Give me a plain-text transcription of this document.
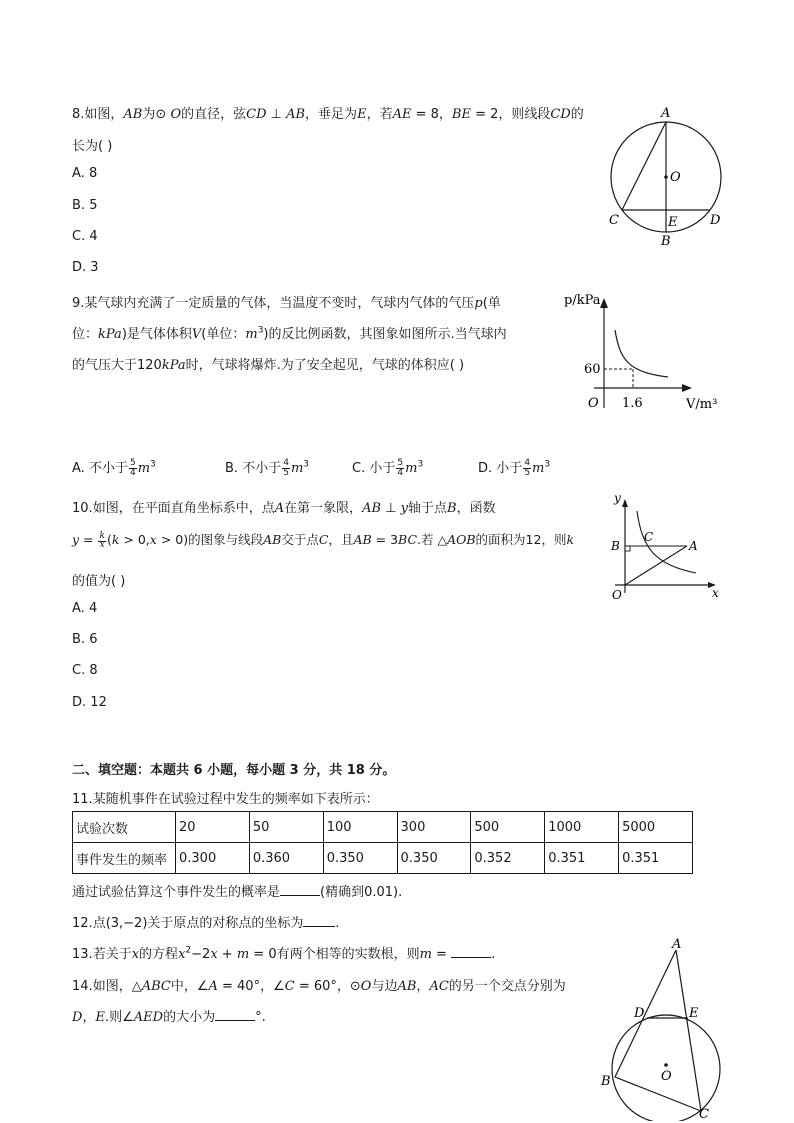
8.如图，AB为⊙ O的直径，弦CD ⊥ AB，垂足为E，若AE = 8，BE = 2，则线段CD的
长为( )
A. 8
B. 5
C. 4
D. 3
A
O
C	E	D
B
9.某气球内充满了一定质量的气体，当温度不变时，气球内气体的气压p(单
位：kPa)是气体体积V(单位：$m^3$)的反比例函数，其图象如图所示.当气球内
的气压大于120kPa时，气球将爆炸.为了安全起见，气球的体积应( )
p/kPa
60
O 1.6	V/m³
A. 不小于 $\frac{5}{4} m^3$	B. 不小于 $\frac{4}{5} m^3$	C. 小于 $\frac{5}{4} m^3$	D. 小于 $\frac{4}{5} m^3$
10.如图，在平面直角坐标系中，点A在第一象限，AB ⊥ y轴于点B，函数
$y = \frac{k}{x} (k > 0,x > 0)$的图象与线段AB交于点C，且AB = 3BC.若 △AOB的面积为12，则k
的值为( )
A. 4
B. 6
C. 8
D. 12
y
x
O
B
C
A
二、填空题：本题共 6 小题，每小题 3 分，共 18 分。
11.某随机事件在试验过程中发生的频率如下表所示：
试验次数	20	50	100	300	500	1000	5000
事件发生的频率	0.300	0.360	0.350	0.350	0.352	0.351	0.351
通过试验估算这个事件发生的概率是	(精确到0.01).
12.点(3,−2)关于原点的对称点的坐标为 .
13.若关于x的方程$x^2-2x + m = 0$有两个相等的实数根，则m =	.
14.如图，△ABC中，∠A = 40°，∠C = 60°，⊙O与边AB，AC的另一个交点分别为
D，E.则∠AED的大小为	°.
A
D	E
B	O
C
